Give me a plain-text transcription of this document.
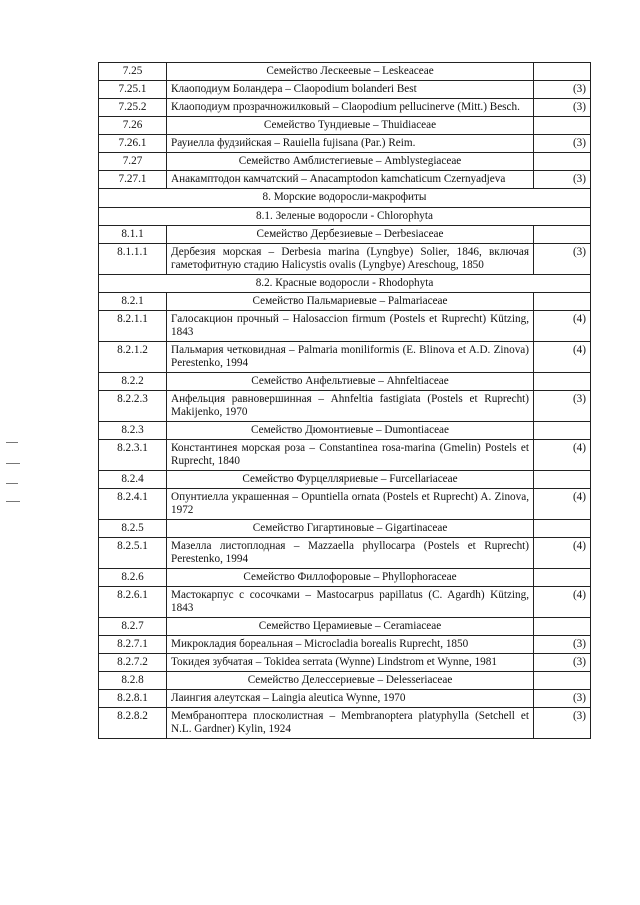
7.25	Семейство Лескеевые – Leskeaceae	
7.25.1	Клаоподиум Боландера – Claopodium bolanderi Best	(3)
7.25.2	Клаоподиум прозрачножилковый – Claopodium pellucinerve (Mitt.) Besch.	(3)
7.26	Семейство Тундиевые – Thuidiaceae	
7.26.1	Рауиелла фудзийская – Rauiella fujisana (Par.) Reim.	(3)
7.27	Семейство Амблистегиевые – Amblystegiaceae	
7.27.1	Анакамптодон камчатский – Anacamptodon kamchaticum Czernyadjeva	(3)
8. Морские водоросли-макрофиты		
8.1. Зеленые водоросли - Chlorophyta		
8.1.1	Семейство Дербезиевые – Derbesiaceae	
8.1.1.1	Дербезия морская – Derbesia marina (Lyngbye) Solier, 1846, включая гаметофитную стадию Halicystis ovalis (Lyngbye) Areschoug, 1850	(3)
8.2. Красные водоросли - Rhodophyta		
8.2.1	Семейство Пальмариевые – Palmariaceae	
8.2.1.1	Галосакцион прочный – Halosaccion firmum (Postels et Ruprecht) Kützing, 1843	(4)
8.2.1.2	Пальмария четковидная – Palmaria moniliformis (E. Blinova et A.D. Zinova) Perestenko, 1994	(4)
8.2.2	Семейство Анфельтиевые – Ahnfeltiaceae	
8.2.2.3	Анфельция равновершинная – Ahnfeltia fastigiata (Postels et Ruprecht) Makijenko, 1970	(3)
8.2.3	Семейство Дюмонтиевые – Dumontiaceae	
8.2.3.1	Константинея морская роза – Constantinea rosa-marina (Gmelin) Postels et Ruprecht, 1840	(4)
8.2.4	Семейство Фурцелляриевые – Furcellariaceae	
8.2.4.1	Опунтиелла украшенная – Opuntiella ornata (Postels et Ruprecht) A. Zinova, 1972	(4)
8.2.5	Семейство Гигартиновые – Gigartinaceae	
8.2.5.1	Мазелла листоплодная – Mazzaella phyllocarpa (Postels et Ruprecht) Perestenko, 1994	(4)
8.2.6	Семейство Филлофоровые – Phyllophoraceae	
8.2.6.1	Мастокарпус с сосочками – Mastocarpus papillatus (C. Agardh) Kützing, 1843	(4)
8.2.7	Семейство Церамиевые – Ceramiaceae	
8.2.7.1	Микрокладия бореальная – Microcladia borealis Ruprecht, 1850	(3)
8.2.7.2	Токидея зубчатая – Tokidea serrata (Wynne) Lindstrom et Wynne, 1981	(3)
8.2.8	Семейство Делессериевые – Delesseriaceae	
8.2.8.1	Лаингия алеутская – Laingia aleutica Wynne, 1970	(3)
8.2.8.2	Мембраноптера плосколистная – Membranoptera platyphylla (Setchell et N.L. Gardner) Kylin, 1924	(3)
